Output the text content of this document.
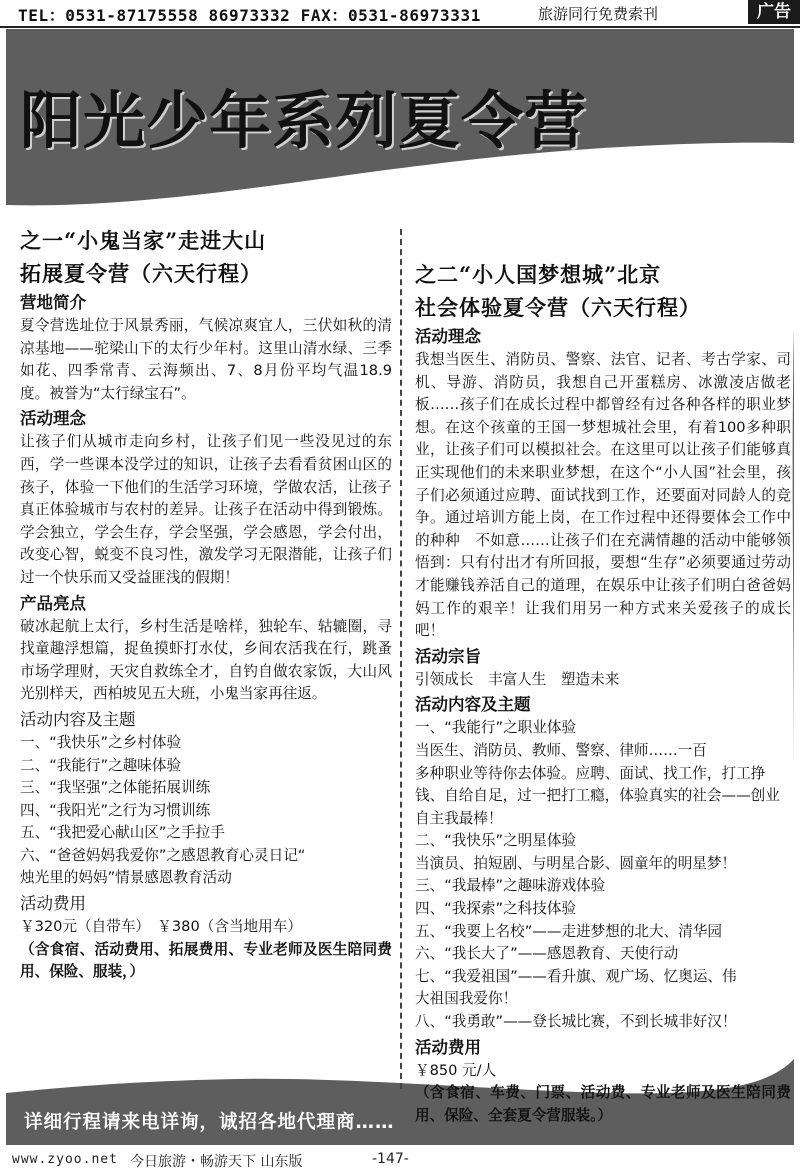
TEL：0531-87175558 86973332 FAX：0531-86973331	旅游同行免费索刊	广告
阳光少年系列夏令营
之一“小鬼当家”走进大山
拓展夏令营（六天行程）
营地简介

夏令营选址位于风景秀丽，气候凉爽宜人，三伏如秋的清凉基地——驼梁山下的太行少年村。这里山清水绿、三季如花、四季常青、云海频出、7、8月份平均气温18.9度。被誉为“太行绿宝石”。

活动理念

让孩子们从城市走向乡村，让孩子们见一些没见过的东西，学一些课本没学过的知识，让孩子去看看贫困山区的孩子，体验一下他们的生活学习环境，学做农活，让孩子真正体验城市与农村的差异。让孩子在活动中得到锻炼。学会独立，学会生存，学会坚强，学会感恩，学会付出，改变心智，蜕变不良习性，激发学习无限潜能，让孩子们过一个快乐而又受益匪浅的假期！

产品亮点

破冰起航上太行，乡村生活是啥样，独轮车、轱辘圈，寻找童趣浮想篇，捉鱼摸虾打水仗，乡间农活我在行，跳蚤市场学理财，天灾自救练全才，自钓自做农家饭，大山风光别样天，西柏坡见五大班，小鬼当家再往返。

活动内容及主题
一、“我快乐”之乡村体验
二、“我能行”之趣味体验
三、“我坚强”之体能拓展训练
四、“我阳光”之行为习惯训练
五、“我把爱心献山区”之手拉手
六、“爸爸妈妈我爱你”之感恩教育心灵日记“
烛光里的妈妈”情景感恩教育活动
活动费用

￥320元（自带车）　￥380（含当地用车）

（含食宿、活动费用、拓展费用、专业老师及医生陪同费用、保险、服装，）

之二“小人国梦想城”北京
社会体验夏令营（六天行程）
活动理念

我想当医生、消防员、警察、法官、记者、考古学家、司机、导游、消防员，我想自己开蛋糕房、冰激凌店做老板……孩子们在成长过程中都曾经有过各种各样的职业梦想。在这个孩童的王国一梦想城社会里，有着100多种职业，让孩子们可以模拟社会。在这里可以让孩子们能够真正实现他们的未来职业梦想，在这个“小人国”社会里，孩子们必须通过应聘、面试找到工作，还要面对同龄人的竞争。通过培训方能上岗，在工作过程中还得要体会工作中的种种　不如意……让孩子们在充满情趣的活动中能够领悟到：只有付出才有所回报，要想“生存”必须要通过劳动才能赚钱养活自己的道理，在娱乐中让孩子们明白爸爸妈妈工作的艰辛！让我们用另一种方式来关爱孩子的成长吧！

活动宗旨

引领成长　丰富人生　塑造未来

活动内容及主题
一、“我能行”之职业体验
当医生、消防员、教师、警察、律师……一百
多种职业等待你去体验。应聘、面试、找工作，打工挣钱、自给自足，过一把打工瘾，体验真实的社会——创业自主我最棒！
二、“我快乐”之明星体验
当演员、拍短剧、与明星合影、圆童年的明星梦！
三、“我最棒”之趣味游戏体验
四、“我探索”之科技体验
五、“我要上名校”——走进梦想的北大、清华园
六、“我长大了”——感恩教育、天使行动
七、“我爱祖国”——看升旗、观广场、忆奥运、伟
大祖国我爱你！
八、“我勇敢”——登长城比赛，不到长城非好汉！
活动费用

￥850 元/人

（含食宿、车费、门票、活动费、专业老师及医生陪同费用、保险、全套夏令营服装。）

详细行程请来电详询，诚招各地代理商……
www.zyoo.net 今日旅游・畅游天下 山东版	-147-
